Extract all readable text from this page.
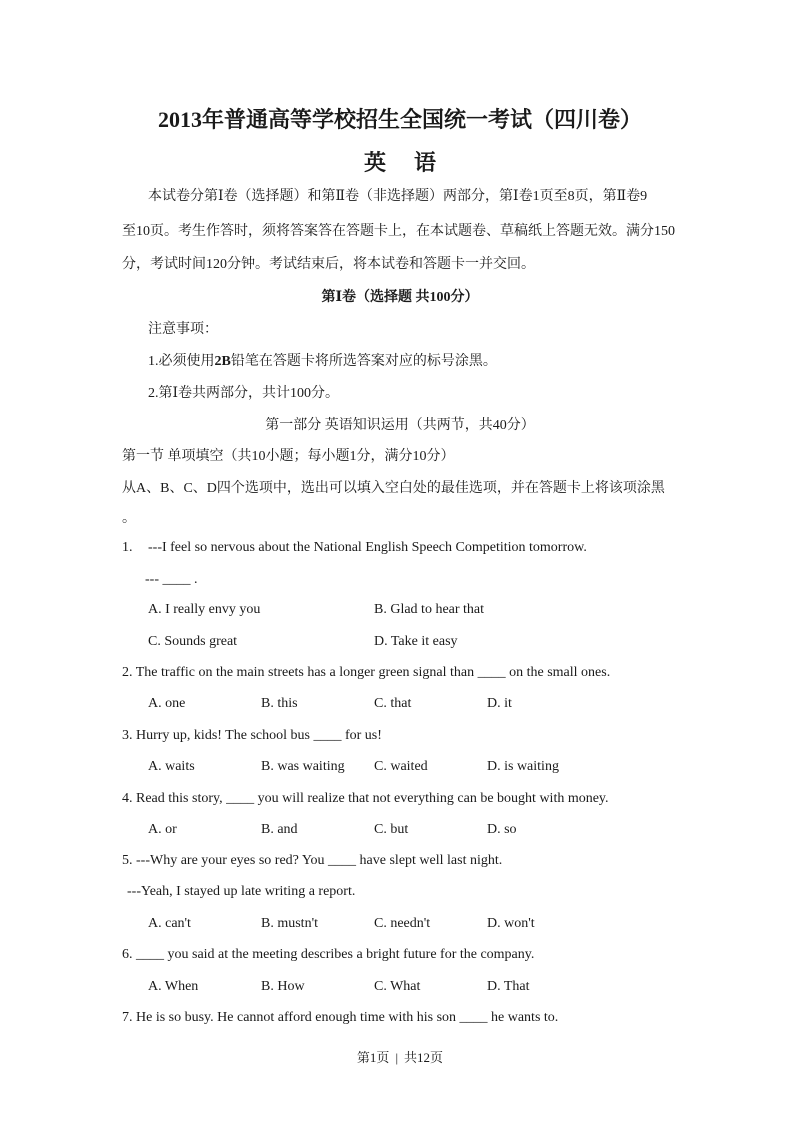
2013年普通高等学校招生全国统一考试（四川卷）
英语
本试卷分第Ⅰ卷（选择题）和第Ⅱ卷（非选择题）两部分，第Ⅰ卷1页至8页，第Ⅱ卷9
至10页。考生作答时，须将答案答在答题卡上，在本试题卷、草稿纸上答题无效。满分150
分，考试时间120分钟。考试结束后，将本试卷和答题卡一并交回。
第Ⅰ卷（选择题 共100分）
注意事项：
1.必须使用2B铅笔在答题卡将所选答案对应的标号涂黑。
2.第Ⅰ卷共两部分，共计100分。
第一部分 英语知识运用（共两节，共40分）
第一节 单项填空（共10小题；每小题1分，满分10分）
从A、B、C、D四个选项中，选出可以填入空白处的最佳选项，并在答题卡上将该项涂黑
。
1. ---I feel so nervous about the National English Speech Competition tomorrow.
--- ____ .
A. I really envy you	B. Glad to hear that
C. Sounds great	D. Take it easy
2. The traffic on the main streets has a longer green signal than ____ on the small ones.
A. one	B. this	C. that	D. it
3. Hurry up, kids! The school bus ____ for us!
A. waits	B. was waiting C. waited	D. is waiting
4. Read this story, ____ you will realize that not everything can be bought with money.
A. or	B. and	C. but	D. so
5. ---Why are your eyes so red? You ____ have slept well last night.
---Yeah, I stayed up late writing a report.
A. can't	B. mustn't	C. needn't	D. won't
6. ____ you said at the meeting describes a bright future for the company.
A. When	B. How	C. What	D. That
7. He is so busy. He cannot afford enough time with his son ____ he wants to.
第1页 | 共12页
